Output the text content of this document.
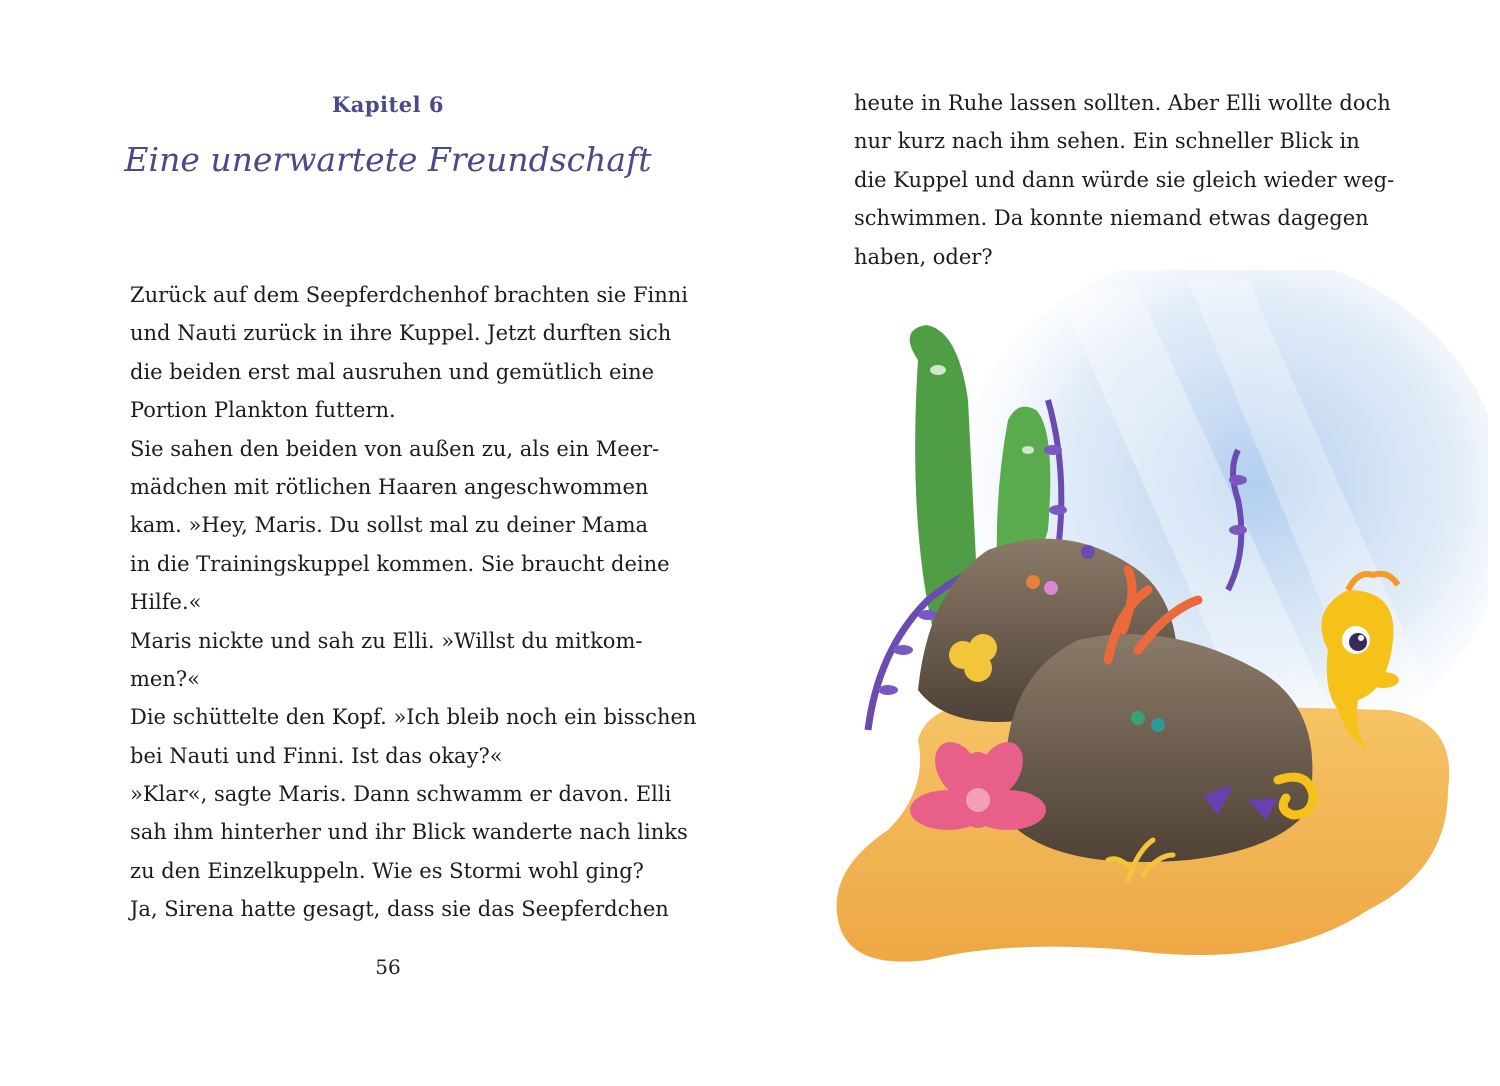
Kapitel 6
Eine unerwartete Freundschaft
Zurück auf dem Seepferdchenhof brachten sie Finni
und Nauti zurück in ihre Kuppel. Jetzt durften sich
die beiden erst mal ausruhen und gemütlich eine
Portion Plankton futtern.
Sie sahen den beiden von außen zu, als ein Meer-
mädchen mit rötlichen Haaren angeschwommen
kam. »Hey, Maris. Du sollst mal zu deiner Mama
in die Trainingskuppel kommen. Sie braucht deine
Hilfe.«
Maris nickte und sah zu Elli. »Willst du mitkom-
men?«
Die schüttelte den Kopf. »Ich bleib noch ein bisschen
bei Nauti und Finni. Ist das okay?«
»Klar«, sagte Maris. Dann schwamm er davon. Elli
sah ihm hinterher und ihr Blick wanderte nach links
zu den Einzelkuppeln. Wie es Stormi wohl ging?
Ja, Sirena hatte gesagt, dass sie das Seepferdchen
56
heute in Ruhe lassen sollten. Aber Elli wollte doch
nur kurz nach ihm sehen. Ein schneller Blick in
die Kuppel und dann würde sie gleich wieder weg-
schwimmen. Da konnte niemand etwas dagegen
haben, oder?
